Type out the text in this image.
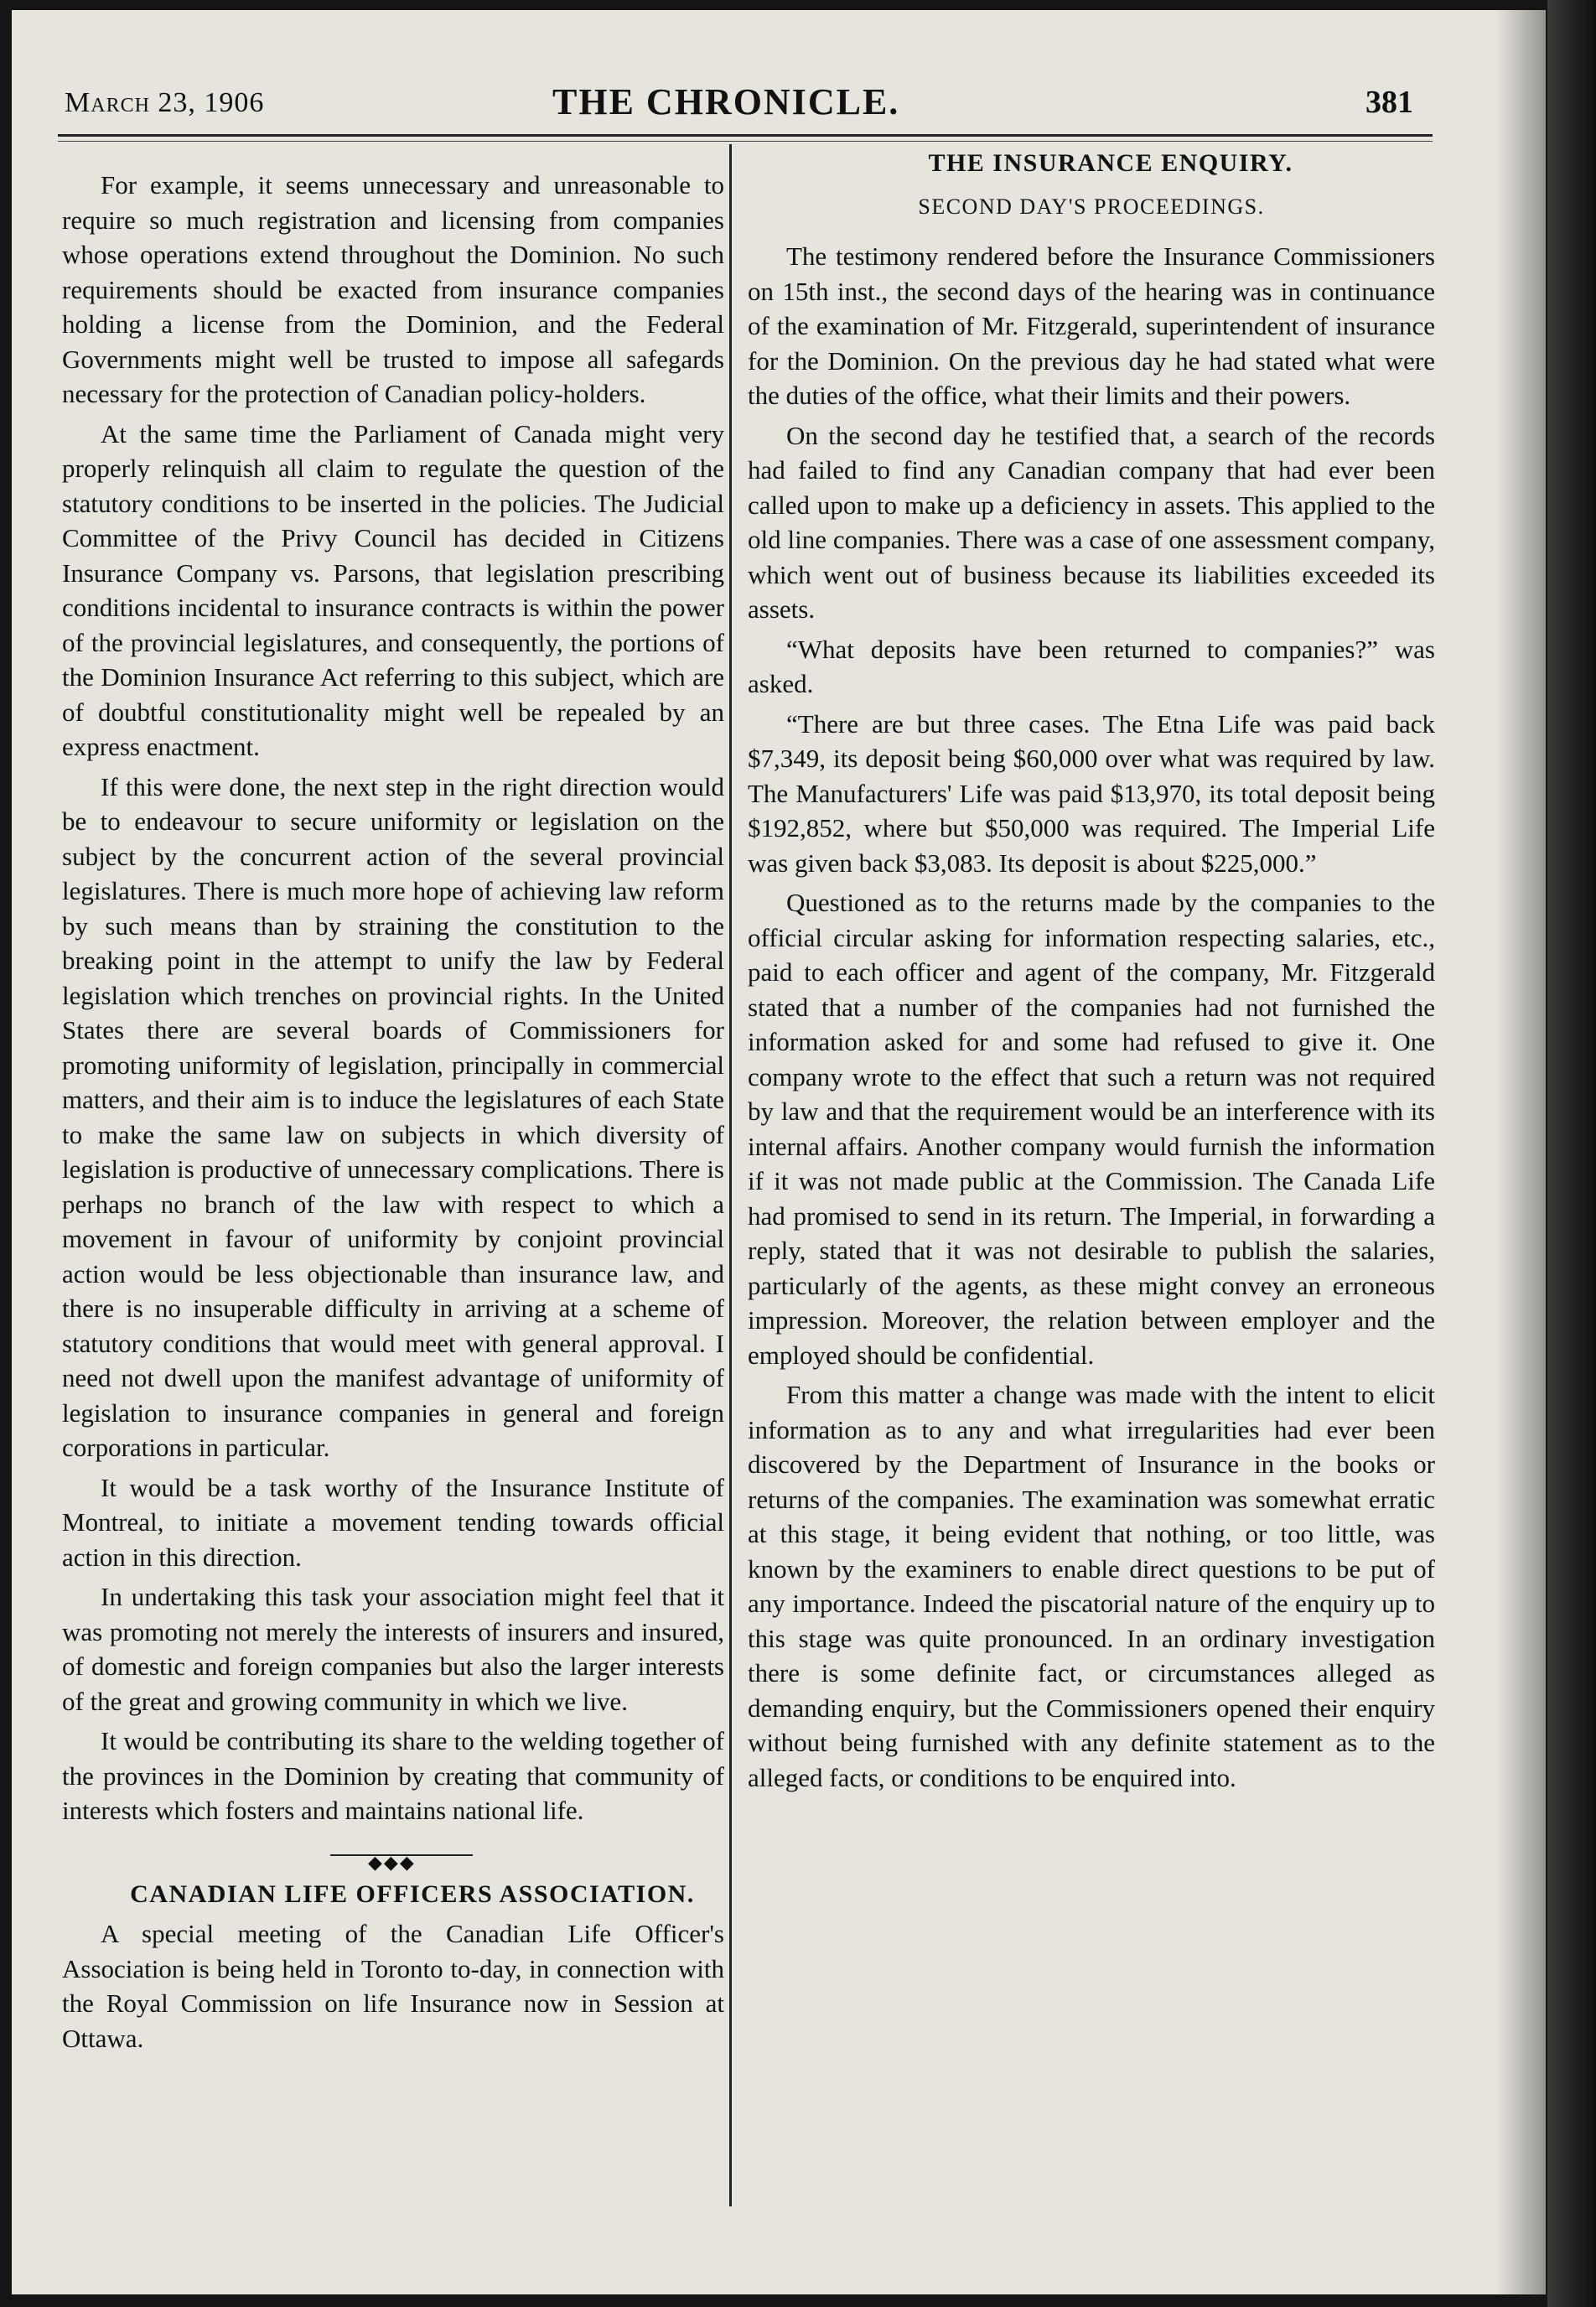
March 23, 1906	THE CHRONICLE.	381

For example, it seems unnecessary and unreasonable to require so much registration and licensing from companies whose operations extend throughout the Dominion. No such requirements should be exacted from insurance companies holding a license from the Dominion, and the Federal Governments might well be trusted to impose all safegards necessary for the protection of Canadian policy-holders.

At the same time the Parliament of Canada might very properly relinquish all claim to regulate the question of the statutory conditions to be inserted in the policies. The Judicial Committee of the Privy Council has decided in Citizens Insurance Company vs. Parsons, that legislation prescribing conditions incidental to insurance contracts is within the power of the provincial legislatures, and consequently, the portions of the Dominion Insurance Act referring to this subject, which are of doubtful constitutionality might well be repealed by an express enactment.

If this were done, the next step in the right direction would be to endeavour to secure uniformity or legislation on the subject by the concurrent action of the several provincial legislatures. There is much more hope of achieving law reform by such means than by straining the constitution to the breaking point in the attempt to unify the law by Federal legislation which trenches on provincial rights. In the United States there are several boards of Commissioners for promoting uniformity of legislation, principally in commercial matters, and their aim is to induce the legislatures of each State to make the same law on subjects in which diversity of legislation is productive of unnecessary complications. There is perhaps no branch of the law with respect to which a movement in favour of uniformity by conjoint provincial action would be less objectionable than insurance law, and there is no insuperable difficulty in arriving at a scheme of statutory conditions that would meet with general approval. I need not dwell upon the manifest advantage of uniformity of legislation to insurance companies in general and foreign corporations in particular.

It would be a task worthy of the Insurance Institute of Montreal, to initiate a movement tending towards official action in this direction.

In undertaking this task your association might feel that it was promoting not merely the interests of insurers and insured, of domestic and foreign companies but also the larger interests of the great and growing community in which we live.

It would be contributing its share to the welding together of the provinces in the Dominion by creating that community of interests which fosters and maintains national life.

◆◆◆

CANADIAN LIFE OFFICERS ASSOCIATION.

A special meeting of the Canadian Life Officer's Association is being held in Toronto to-day, in connection with the Royal Commission on life Insurance now in Session at Ottawa.

THE INSURANCE ENQUIRY.

SECOND DAY'S PROCEEDINGS.

The testimony rendered before the Insurance Commissioners on 15th inst., the second days of the hearing was in continuance of the examination of Mr. Fitzgerald, superintendent of insurance for the Dominion. On the previous day he had stated what were the duties of the office, what their limits and their powers.

On the second day he testified that, a search of the records had failed to find any Canadian company that had ever been called upon to make up a deficiency in assets. This applied to the old line companies. There was a case of one assessment company, which went out of business because its liabilities exceeded its assets.

“What deposits have been returned to companies?” was asked.

“There are but three cases. The Etna Life was paid back $7,349, its deposit being $60,000 over what was required by law. The Manufacturers' Life was paid $13,970, its total deposit being $192,852, where but $50,000 was required. The Imperial Life was given back $3,083. Its deposit is about $225,000.”

Questioned as to the returns made by the companies to the official circular asking for information respecting salaries, etc., paid to each officer and agent of the company, Mr. Fitzgerald stated that a number of the companies had not furnished the information asked for and some had refused to give it. One company wrote to the effect that such a return was not required by law and that the requirement would be an interference with its internal affairs. Another company would furnish the information if it was not made public at the Commission. The Canada Life had promised to send in its return. The Imperial, in forwarding a reply, stated that it was not desirable to publish the salaries, particularly of the agents, as these might convey an erroneous impression. Moreover, the relation between employer and the employed should be confidential.

From this matter a change was made with the intent to elicit information as to any and what irregularities had ever been discovered by the Department of Insurance in the books or returns of the companies. The examination was somewhat erratic at this stage, it being evident that nothing, or too little, was known by the examiners to enable direct questions to be put of any importance. Indeed the piscatorial nature of the enquiry up to this stage was quite pronounced. In an ordinary investigation there is some definite fact, or circumstances alleged as demanding enquiry, but the Commissioners opened their enquiry without being furnished with any definite statement as to the alleged facts, or conditions to be enquired into.
